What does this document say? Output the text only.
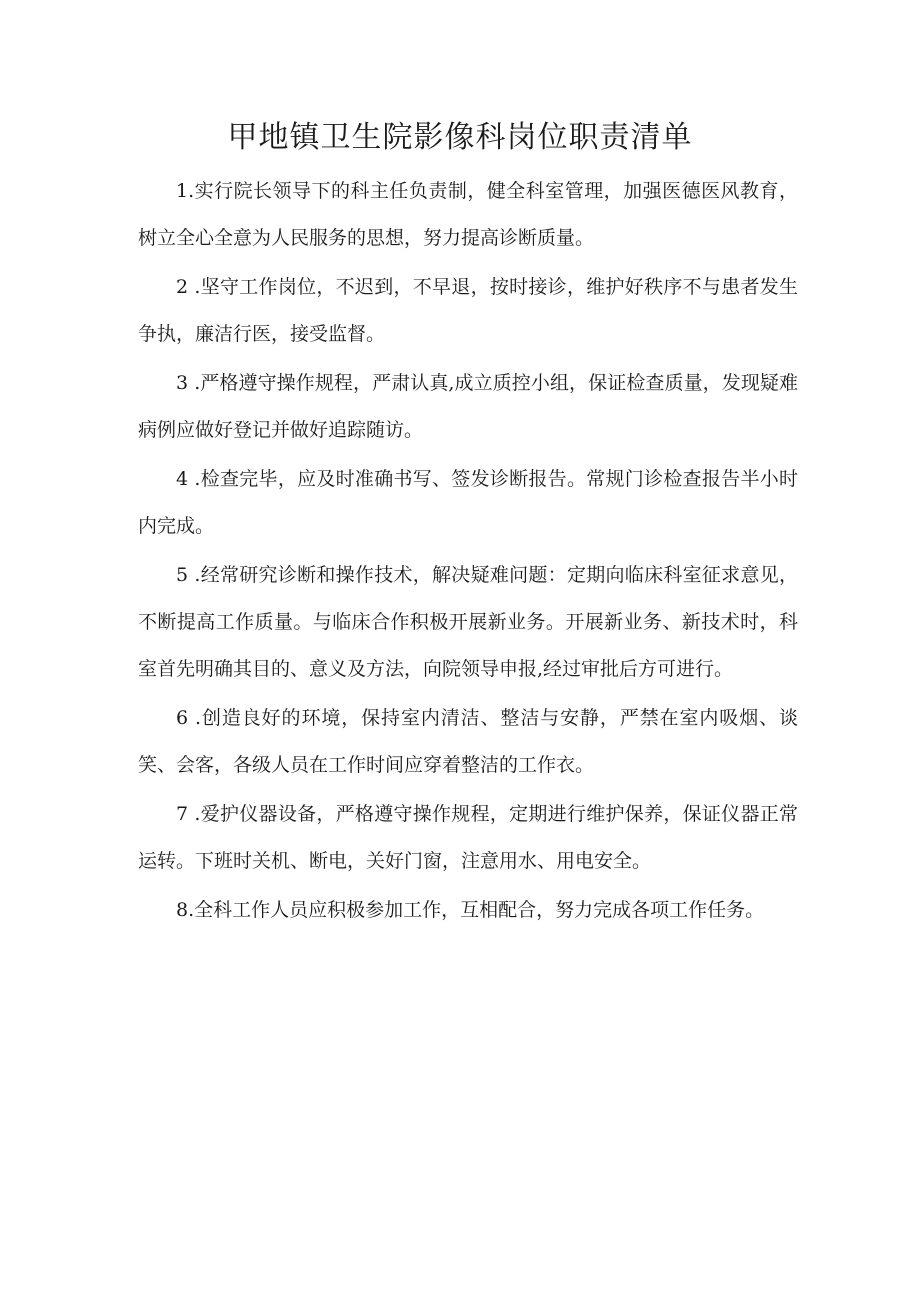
甲地镇卫生院影像科岗位职责清单

1.实行院长领导下的科主任负责制，健全科室管理，加强医德医风教育，树立全心全意为人民服务的思想，努力提高诊断质量。

2 .坚守工作岗位，不迟到，不早退，按时接诊，维护好秩序不与患者发生争执，廉洁行医，接受监督。

3 .严格遵守操作规程，严肃认真,成立质控小组，保证检查质量，发现疑难病例应做好登记并做好追踪随访。

4 .检查完毕，应及时准确书写、签发诊断报告。常规门诊检查报告半小时内完成。

5 .经常研究诊断和操作技术，解决疑难问题：定期向临床科室征求意见，不断提高工作质量。与临床合作积极开展新业务。开展新业务、新技术时，科室首先明确其目的、意义及方法，向院领导申报,经过审批后方可进行。

6 .创造良好的环境，保持室内清洁、整洁与安静，严禁在室内吸烟、谈笑、会客，各级人员在工作时间应穿着整洁的工作衣。

7 .爱护仪器设备，严格遵守操作规程，定期进行维护保养，保证仪器正常运转。下班时关机、断电，关好门窗，注意用水、用电安全。

8.全科工作人员应积极参加工作，互相配合，努力完成各项工作任务。
